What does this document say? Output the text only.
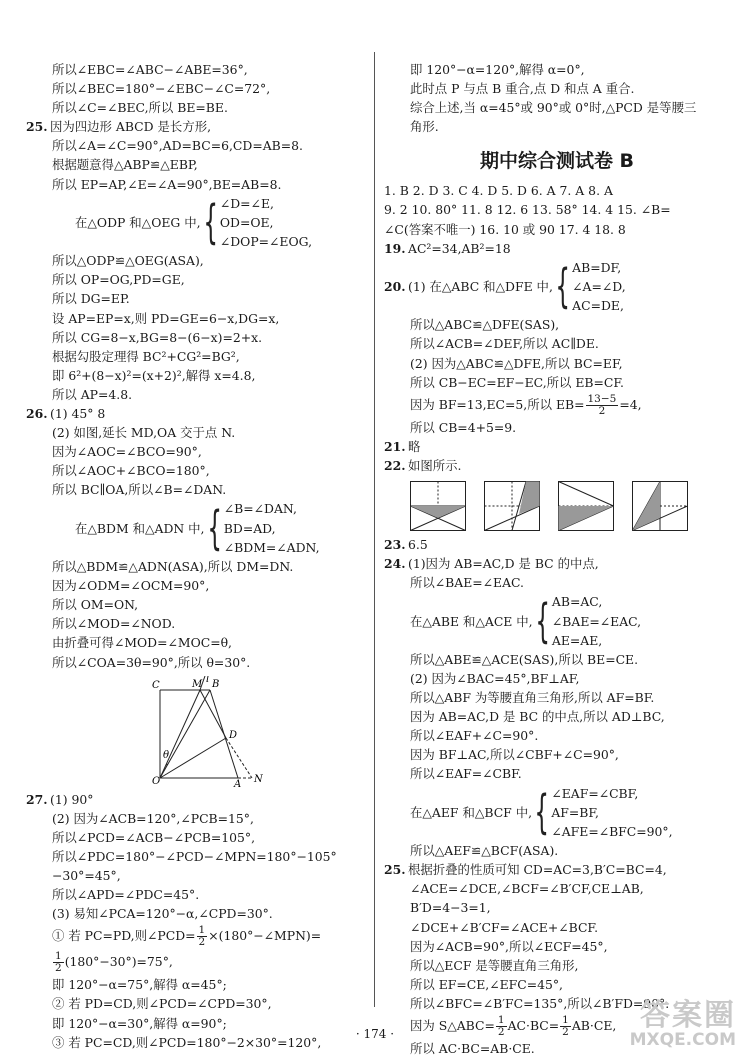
所以∠EBC=∠ABC−∠ABE=36°,
所以∠BEC=180°−∠EBC−∠C=72°,
所以∠C=∠BEC,所以 BE=BE.
25. 因为四边形 ABCD 是长方形,
所以∠A=∠C=90°,AD=BC=6,CD=AB=8.
根据题意得△ABP≌△EBP,
所以 EP=AP,∠E=∠A=90°,BE=AB=8.
在△ODP 和△OEG 中, { ∠D=∠E,
OD=OE,
∠DOP=∠EOG,
所以△ODP≌△OEG(ASA),
所以 OP=OG,PD=GE,
所以 DG=EP.
设 AP=EP=x,则 PD=GE=6−x,DG=x,
所以 CG=8−x,BG=8−(6−x)=2+x.
根据勾股定理得 BC²+CG²=BG²,
即 6²+(8−x)²=(x+2)²,解得 x=4.8,
所以 AP=4.8.
26. (1) 45° 8
(2) 如图,延长 MD,OA 交于点 N.
因为∠AOC=∠BCO=90°,
所以∠AOC+∠BCO=180°,
所以 BC∥OA,所以∠B=∠DAN.
在△BDM 和△ADN 中, { ∠B=∠DAN,
BD=AD,
∠BDM=∠ADN,
所以△BDM≌△ADN(ASA),所以 DM=DN.
因为∠ODM=∠OCM=90°,
所以 OM=ON,
所以∠MOD=∠NOD.
由折叠可得∠MOD=∠MOC=θ,
所以∠COA=3θ=90°,所以 θ=30°.
C	M B
l
D
θ
O	A N
27. (1) 90°
(2) 因为∠ACB=120°,∠PCB=15°,
所以∠PCD=∠ACB−∠PCB=105°,
所以∠PDC=180°−∠PCD−∠MPN=180°−105°
−30°=45°,
所以∠APD=∠PDC=45°.
(3) 易知∠PCA=120°−α,∠CPD=30°.
① 若 PC=PD,则∠PCD= $\frac{1}{2}$ ×(180°−∠MPN)=
$\frac{1}{2} (180^\circ-30^\circ)=75^\circ$,
即 120°−α=75°,解得 α=45°;
② 若 PD=CD,则∠PCD=∠CPD=30°,
即 120°−α=30°,解得 α=90°;
③ 若 PC=CD,则∠PCD=180°−2×30°=120°,
即 120°−α=120°,解得 α=0°,
此时点 P 与点 B 重合,点 D 和点 A 重合.
综合上述,当 α=45°或 90°或 0°时,△PCD 是等腰三
角形.
期中综合测试卷 B
1. B 2. D 3. C 4. D 5. D 6. A 7. A 8. A
9. 2 10. 80° 11. 8 12. 6 13. 58° 14. 4 15. ∠B=
∠C(答案不唯一) 16. 10 或 90 17. 4 18. 8
19. AC²=34,AB²=18
20. (1) 在△ABC 和△DFE 中, { AB=DF,
∠A=∠D,
AC=DE,
所以△ABC≌△DFE(SAS),
所以∠ACB=∠DEF,所以 AC∥DE.
(2) 因为△ABC≌△DFE,所以 BC=EF,
所以 CB−EC=EF−EC,所以 EB=CF.
因为 BF=13,EC=5,所以 $EB= \frac{13-5}{2} =4$,
所以 CB=4+5=9.
21. 略
22. 如图所示.
23. 6.5
24. (1)因为 AB=AC,D 是 BC 的中点,
所以∠BAE=∠EAC.
在△ABE 和△ACE 中, { AB=AC,
∠BAE=∠EAC,
AE=AE,
所以△ABE≌△ACE(SAS),所以 BE=CE.
(2) 因为∠BAC=45°,BF⊥AF,
所以△ABF 为等腰直角三角形,所以 AF=BF.
因为 AB=AC,D 是 BC 的中点,所以 AD⊥BC,
所以∠EAF+∠C=90°.
因为 BF⊥AC,所以∠CBF+∠C=90°,
所以∠EAF=∠CBF.
在△AEF 和△BCF 中, { ∠EAF=∠CBF,
AF=BF,
∠AFE=∠BFC=90°,
所以△AEF≌△BCF(ASA).
25. 根据折叠的性质可知 CD=AC=3,B′C=BC=4,
∠ACE=∠DCE,∠BCF=∠B′CF,CE⊥AB,
B′D=4−3=1,
∠DCE+∠B′CF=∠ACE+∠BCF.
因为∠ACB=90°,所以∠ECF=45°,
所以△ECF 是等腰直角三角形,
所以 EF=CE,∠EFC=45°,
所以∠BFC=∠B′FC=135°,所以∠B′FD=90°.
因为 S△ABC= $\frac{1}{2} AC\cdot BC= \frac{1}{2} AB\cdot CE$,
所以 AC·BC=AB·CE.
· 174 ·
答案圈
MXQE.COM
